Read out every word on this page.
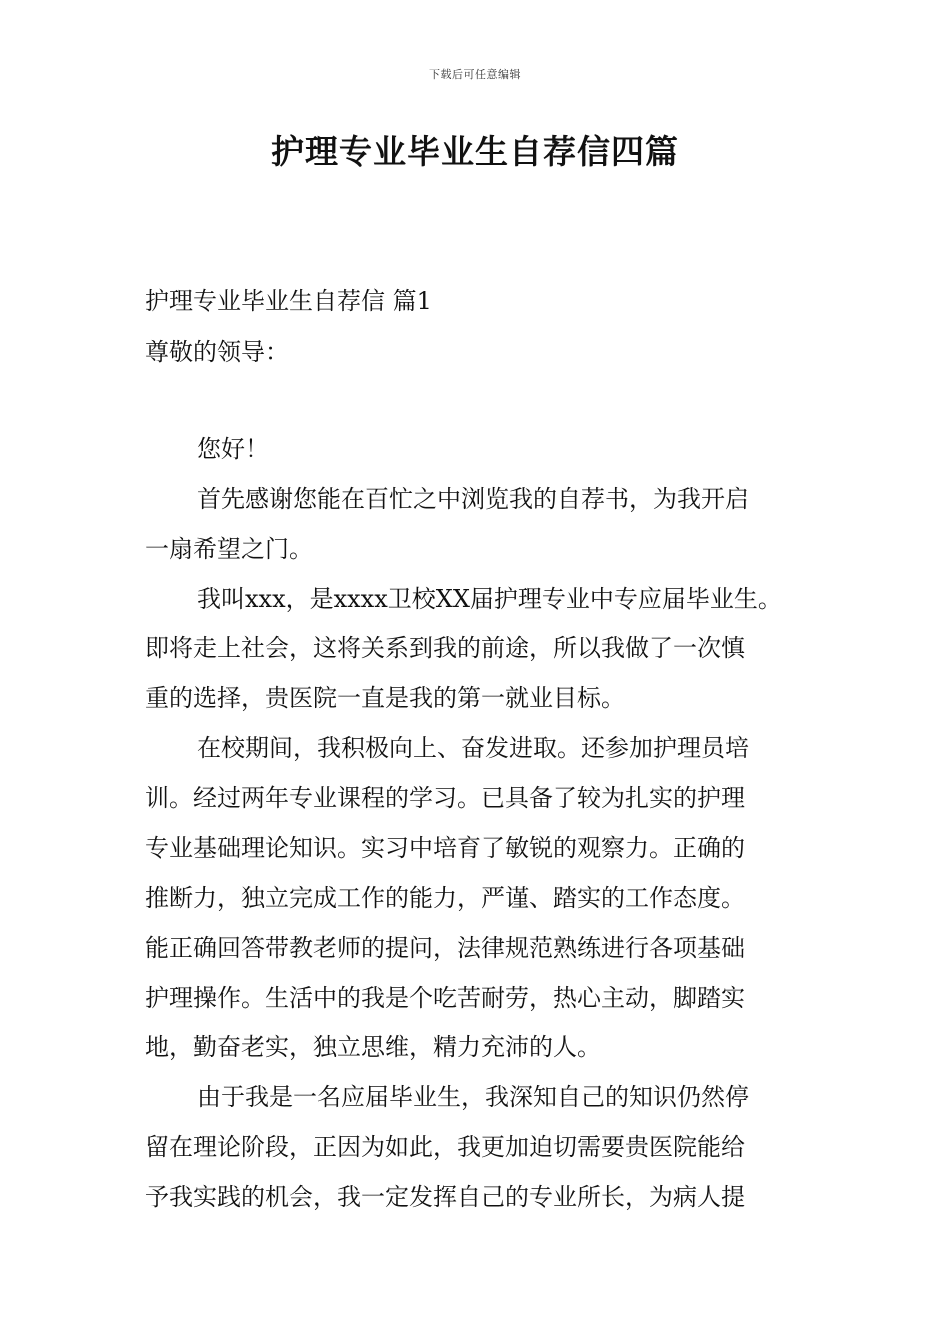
下载后可任意编辑
护理专业毕业生自荐信四篇
护理专业毕业生自荐信 篇1
尊敬的领导：
您好！
首先感谢您能在百忙之中浏览我的自荐书，为我开启
一扇希望之门。
我叫xxx，是xxxx卫校XX届护理专业中专应届毕业生。
即将走上社会，这将关系到我的前途，所以我做了一次慎
重的选择，贵医院一直是我的第一就业目标。
在校期间，我积极向上、奋发进取。还参加护理员培
训。经过两年专业课程的学习。已具备了较为扎实的护理
专业基础理论知识。实习中培育了敏锐的观察力。正确的
推断力，独立完成工作的能力，严谨、踏实的工作态度。
能正确回答带教老师的提问，法律规范熟练进行各项基础
护理操作。生活中的我是个吃苦耐劳，热心主动，脚踏实
地，勤奋老实，独立思维，精力充沛的人。
由于我是一名应届毕业生，我深知自己的知识仍然停
留在理论阶段，正因为如此，我更加迫切需要贵医院能给
予我实践的机会，我一定发挥自己的专业所长，为病人提
